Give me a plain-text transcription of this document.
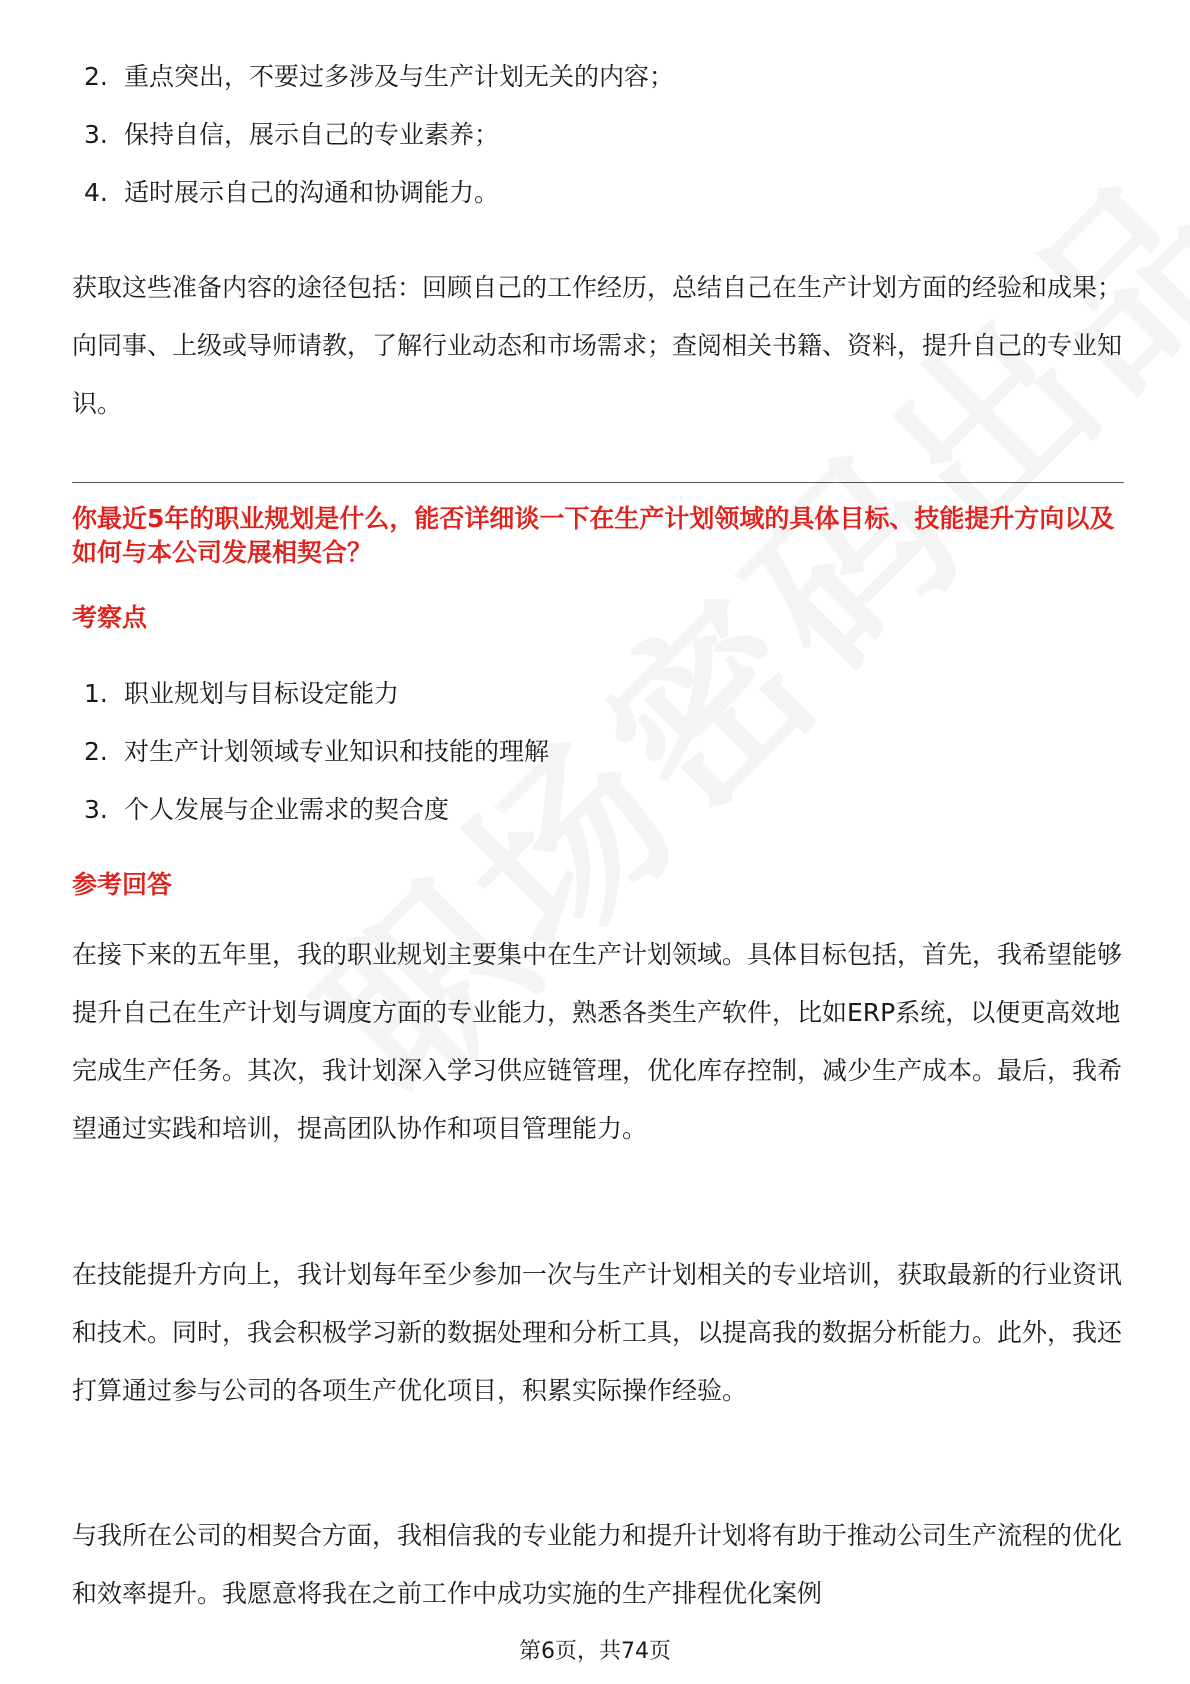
2. 重点突出，不要过多涉及与生产计划无关的内容；
3. 保持自信，展示自己的专业素养；
4. 适时展示自己的沟通和协调能力。

获取这些准备内容的途径包括：回顾自己的工作经历，总结自己在生产计划方面的经验和成果；向同事、上级或导师请教，了解行业动态和市场需求；查阅相关书籍、资料，提升自己的专业知识。

你最近5年的职业规划是什么，能否详细谈一下在生产计划领域的具体目标、技能提升方向以及如何与本公司发展相契合？

考察点

1. 职业规划与目标设定能力
2. 对生产计划领域专业知识和技能的理解
3. 个人发展与企业需求的契合度

参考回答

在接下来的五年里，我的职业规划主要集中在生产计划领域。具体目标包括，首先，我希望能够提升自己在生产计划与调度方面的专业能力，熟悉各类生产软件，比如ERP系统，以便更高效地完成生产任务。其次，我计划深入学习供应链管理，优化库存控制，减少生产成本。最后，我希望通过实践和培训，提高团队协作和项目管理能力。

在技能提升方向上，我计划每年至少参加一次与生产计划相关的专业培训，获取最新的行业资讯和技术。同时，我会积极学习新的数据处理和分析工具，以提高我的数据分析能力。此外，我还打算通过参与公司的各项生产优化项目，积累实际操作经验。

与我所在公司的相契合方面，我相信我的专业能力和提升计划将有助于推动公司生产流程的优化和效率提升。我愿意将我在之前工作中成功实施的生产排程优化案例

第6页，共74页
